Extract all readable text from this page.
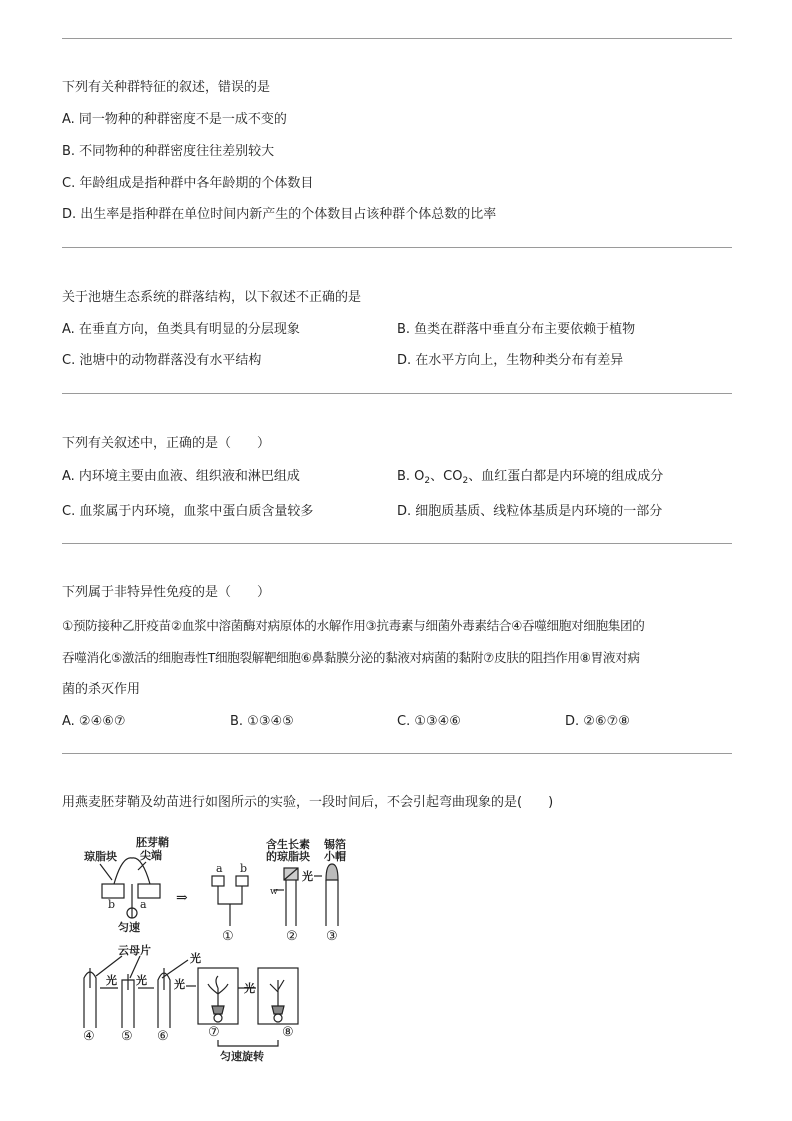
下列有关种群特征的叙述，错误的是
A. 同一物种的种群密度不是一成不变的
B. 不同物种的种群密度往往差别较大
C. 年龄组成是指种群中各年龄期的个体数目
D. 出生率是指种群在单位时间内新产生的个体数目占该种群个体总数的比率
关于池塘生态系统的群落结构，以下叙述不正确的是
A. 在垂直方向，鱼类具有明显的分层现象	B. 鱼类在群落中垂直分布主要依赖于植物
C. 池塘中的动物群落没有水平结构	D. 在水平方向上，生物种类分布有差异
下列有关叙述中，正确的是（　　）
A. 内环境主要由血液、组织液和淋巴组成	B. $O_2$、$CO_2$、血红蛋白都是内环境的组成成分
C. 血浆属于内环境，血浆中蛋白质含量较多	D. 细胞质基质、线粒体基质是内环境的一部分
下列属于非特异性免疫的是（　　）
①预防接种乙肝疫苗②血浆中溶菌酶对病原体的水解作用③抗毒素与细菌外毒素结合④吞噬细胞对细胞集团的
吞噬消化⑤激活的细胞毒性T细胞裂解靶细胞⑥鼻黏膜分泌的黏液对病菌的黏附⑦皮肤的阻挡作用⑧胃液对病
菌的杀灭作用
A. ②④⑥⑦	B. ①③④⑤	C. ①③④⑥	D. ②⑥⑦⑧
用燕麦胚芽鞘及幼苗进行如图所示的实验，一段时间后，不会引起弯曲现象的是(　　)
琼脂块
胚芽鞘
尖端
b a
匀速
⇒
a b
①
含生长素
的琼脂块
锡箔
小帽
w
光
② ③
云母片
光
④
光
⑤
光
⑥
光
⑦
光
⑧
匀速旋转
